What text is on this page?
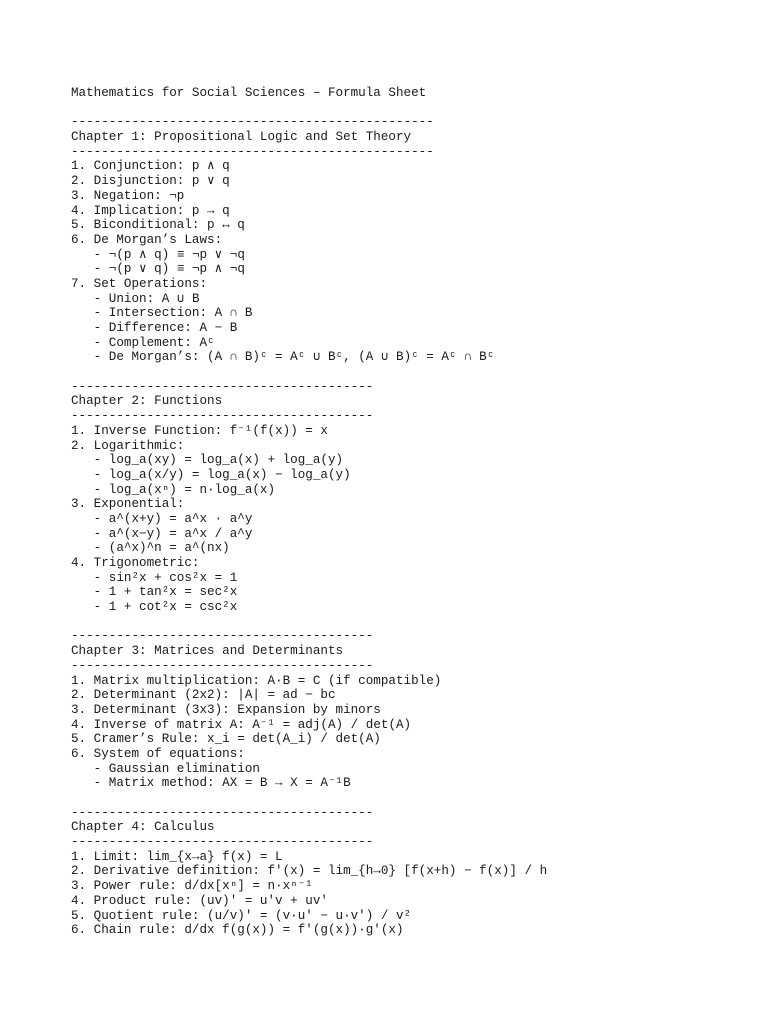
Mathematics for Social Sciences – Formula Sheet
------------------------------------------------
Chapter 1: Propositional Logic and Set Theory
------------------------------------------------
1. Conjunction: p ∧ q
2. Disjunction: p ∨ q
3. Negation: ¬p
4. Implication: p → q
5. Biconditional: p ↔ q
6. De Morgan’s Laws:
- ¬(p ∧ q) ≡ ¬p ∨ ¬q
- ¬(p ∨ q) ≡ ¬p ∧ ¬q
7. Set Operations:
- Union: A ∪ B
- Intersection: A ∩ B
- Difference: A − B
- Complement: Aᶜ
- De Morgan’s: (A ∩ B)ᶜ = Aᶜ ∪ Bᶜ, (A ∪ B)ᶜ = Aᶜ ∩ Bᶜ
----------------------------------------
Chapter 2: Functions
----------------------------------------
1. Inverse Function: f⁻¹(f(x)) = x
2. Logarithmic:
- log_a(xy) = log_a(x) + log_a(y)
- log_a(x/y) = log_a(x) − log_a(y)
- log_a(xⁿ) = n·log_a(x)
3. Exponential:
- a^(x+y) = a^x · a^y
- a^(x−y) = a^x / a^y
- (a^x)^n = a^(nx)
4. Trigonometric:
- sin²x + cos²x = 1
- 1 + tan²x = sec²x
- 1 + cot²x = csc²x
----------------------------------------
Chapter 3: Matrices and Determinants
----------------------------------------
1. Matrix multiplication: A·B = C (if compatible)
2. Determinant (2x2): |A| = ad − bc
3. Determinant (3x3): Expansion by minors
4. Inverse of matrix A: A⁻¹ = adj(A) / det(A)
5. Cramer’s Rule: x_i = det(A_i) / det(A)
6. System of equations:
- Gaussian elimination
- Matrix method: AX = B → X = A⁻¹B
----------------------------------------
Chapter 4: Calculus
----------------------------------------
1. Limit: lim_{x→a} f(x) = L
2. Derivative definition: f'(x) = lim_{h→0} [f(x+h) − f(x)] / h
3. Power rule: d/dx[xⁿ] = n·xⁿ⁻¹
4. Product rule: (uv)' = u'v + uv'
5. Quotient rule: (u/v)' = (v·u' − u·v') / v²
6. Chain rule: d/dx f(g(x)) = f'(g(x))·g'(x)
